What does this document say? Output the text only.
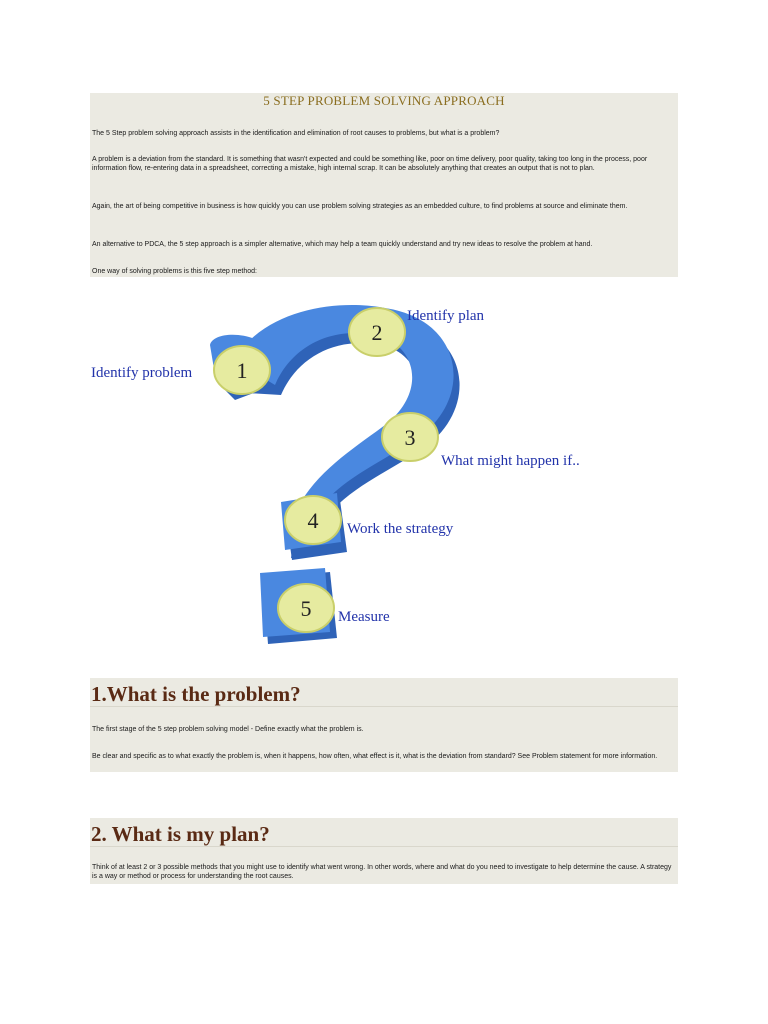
5 STEP PROBLEM SOLVING APPROACH

The 5 Step problem solving approach assists in the identification and elimination of root causes to problems, but what is a problem?

A problem is a deviation from the standard. It is something that wasn't expected and could be something like, poor on time delivery, poor quality, taking too long in the process, poor information flow, re-entering data in a spreadsheet, correcting a mistake, high internal scrap. It can be absolutely anything that creates an output that is not to plan.

Again, the art of being competitive in business is how quickly you can use problem solving strategies as an embedded culture, to find problems at source and eliminate them.

An alternative to PDCA, the 5 step approach is a simpler alternative, which may help a team quickly understand and try new ideas to resolve the problem at hand.

One way of solving problems is this five step method:

1
Identify problem
2
Identify plan
3
What might happen if..
4 Work the strategy
5 Measure
1.What is the problem?

The first stage of the 5 step problem solving model - Define exactly what the problem is.

Be clear and specific as to what exactly the problem is, when it happens, how often, what effect is it, what is the deviation from standard? See Problem statement for more information.

2. What is my plan?

Think of at least 2 or 3 possible methods that you might use to identify what went wrong. In other words, where and what do you need to investigate to help determine the cause. A strategy is a way or method or process for understanding the root causes.
